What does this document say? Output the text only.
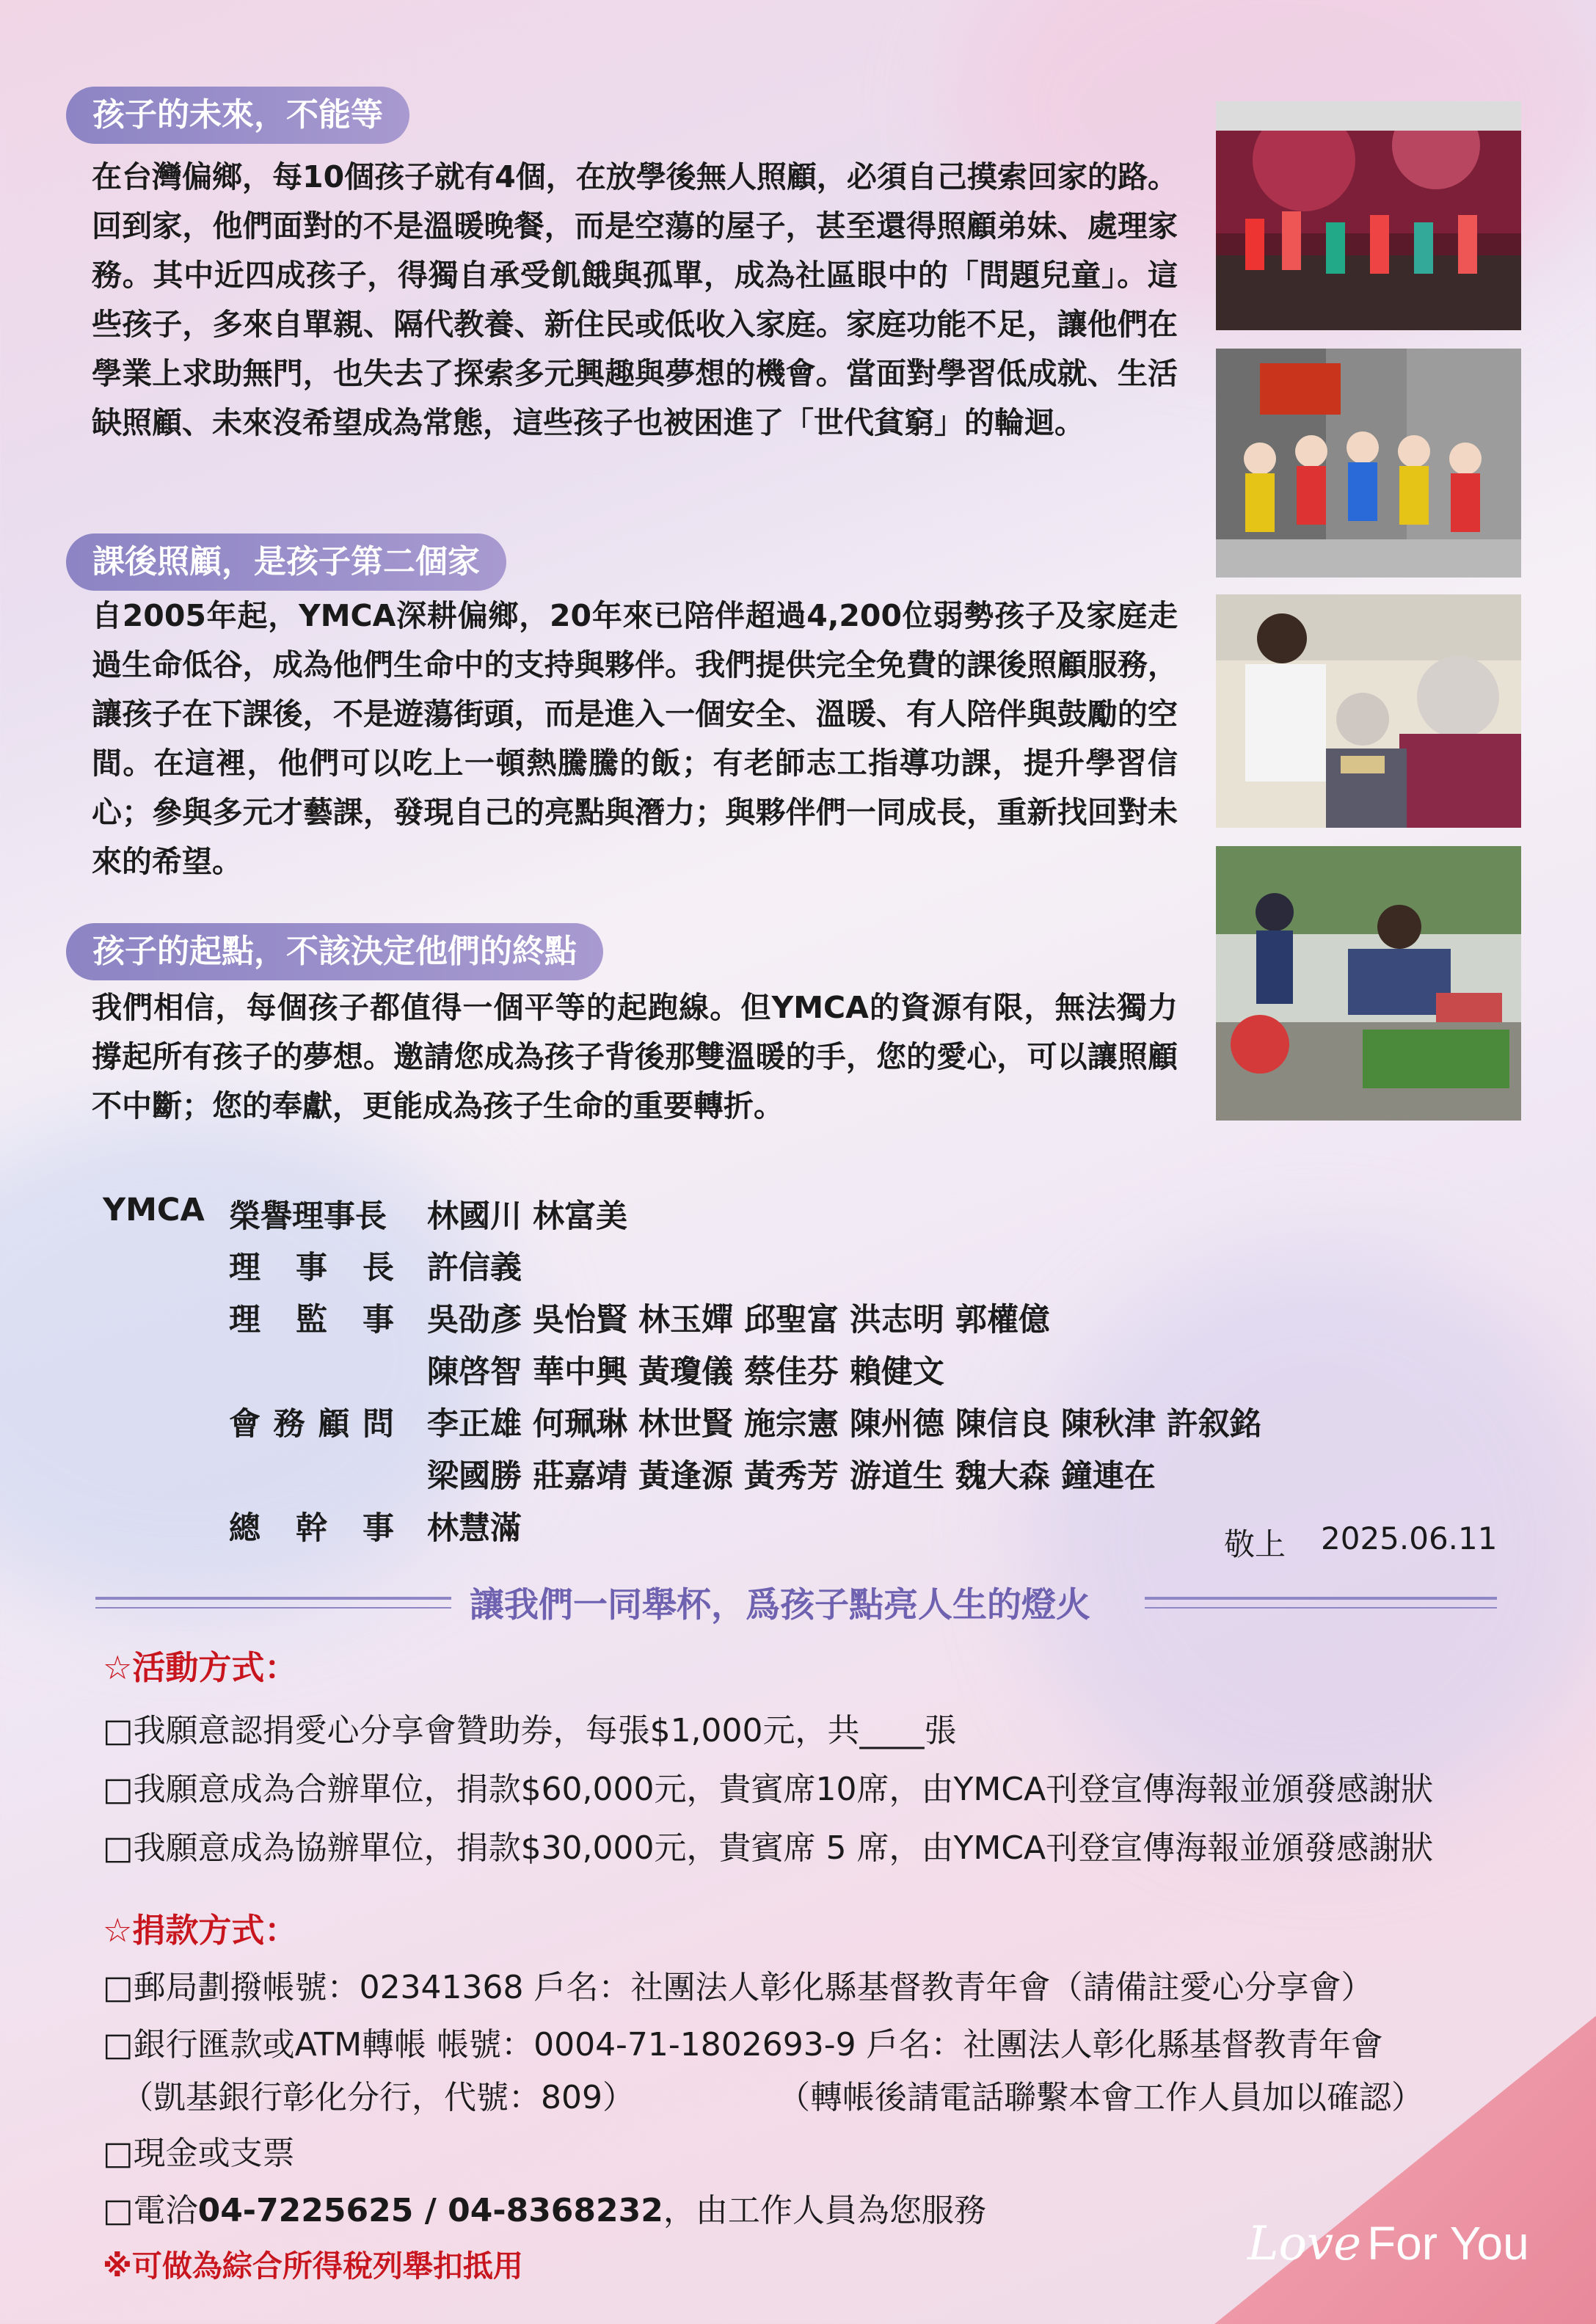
孩子的未來，不能等

在台灣偏鄉，每10個孩子就有4個，在放學後無人照顧，必須自己摸索回家的路。回到家，他們面對的不是溫暖晚餐，而是空蕩的屋子，甚至還得照顧弟妹、處理家務。其中近四成孩子，得獨自承受飢餓與孤單，成為社區眼中的「問題兒童」。這些孩子，多來自單親、隔代教養、新住民或低收入家庭。家庭功能不足，讓他們在學業上求助無門，也失去了探索多元興趣與夢想的機會。當面對學習低成就、生活缺照顧、未來沒希望成為常態，這些孩子也被困進了「世代貧窮」的輪迴。

課後照顧，是孩子第二個家

自2005年起，YMCA深耕偏鄉，20年來已陪伴超過4,200位弱勢孩子及家庭走過生命低谷，成為他們生命中的支持與夥伴。我們提供完全免費的課後照顧服務，讓孩子在下課後，不是遊蕩街頭，而是進入一個安全、溫暖、有人陪伴與鼓勵的空間。在這裡，他們可以吃上一頓熱騰騰的飯；有老師志工指導功課，提升學習信心；參與多元才藝課，發現自己的亮點與潛力；與夥伴們一同成長，重新找回對未來的希望。

孩子的起點，不該決定他們的終點

我們相信，每個孩子都值得一個平等的起跑線。但YMCA的資源有限，無法獨力撐起所有孩子的夢想。邀請您成為孩子背後那雙溫暖的手，您的愛心，可以讓照顧不中斷；您的奉獻，更能成為孩子生命的重要轉折。

YMCA 榮譽理事長 林國川 林富美
理 事 長 許信義
理 監 事 吳劭彥 吳怡賢 林玉嬋 邱聖富 洪志明 郭權億
陳啓智 華中興 黃瓊儀 蔡佳芬 賴健文
會 務 顧 問 李正雄 何珮琳 林世賢 施宗憲 陳州德 陳信良 陳秋津 許叙銘
梁國勝 莊嘉靖 黃逢源 黃秀芳 游道生 魏大森 鐘連在
總 幹 事 林慧滿	敬上 2025.06.11
讓我們一同舉杯，爲孩子點亮人生的燈火
☆活動方式：
□我願意認捐愛心分享會贊助券，每張$1,000元，共____張
□我願意成為合辦單位，捐款$60,000元，貴賓席10席，由YMCA刊登宣傳海報並頒發感謝狀
□我願意成為協辦單位，捐款$30,000元，貴賓席 5 席，由YMCA刊登宣傳海報並頒發感謝狀
☆捐款方式：
□郵局劃撥帳號：02341368 戶名：社團法人彰化縣基督教青年會（請備註愛心分享會）
□銀行匯款或ATM轉帳 帳號：0004-71-1802693-9 戶名：社團法人彰化縣基督教青年會
（凱基銀行彰化分行，代號：809）	（轉帳後請電話聯繫本會工作人員加以確認）
□現金或支票
□電洽04-7225625 / 04-8368232，由工作人員為您服務
※可做為綜合所得稅列舉扣抵用	Love For You
